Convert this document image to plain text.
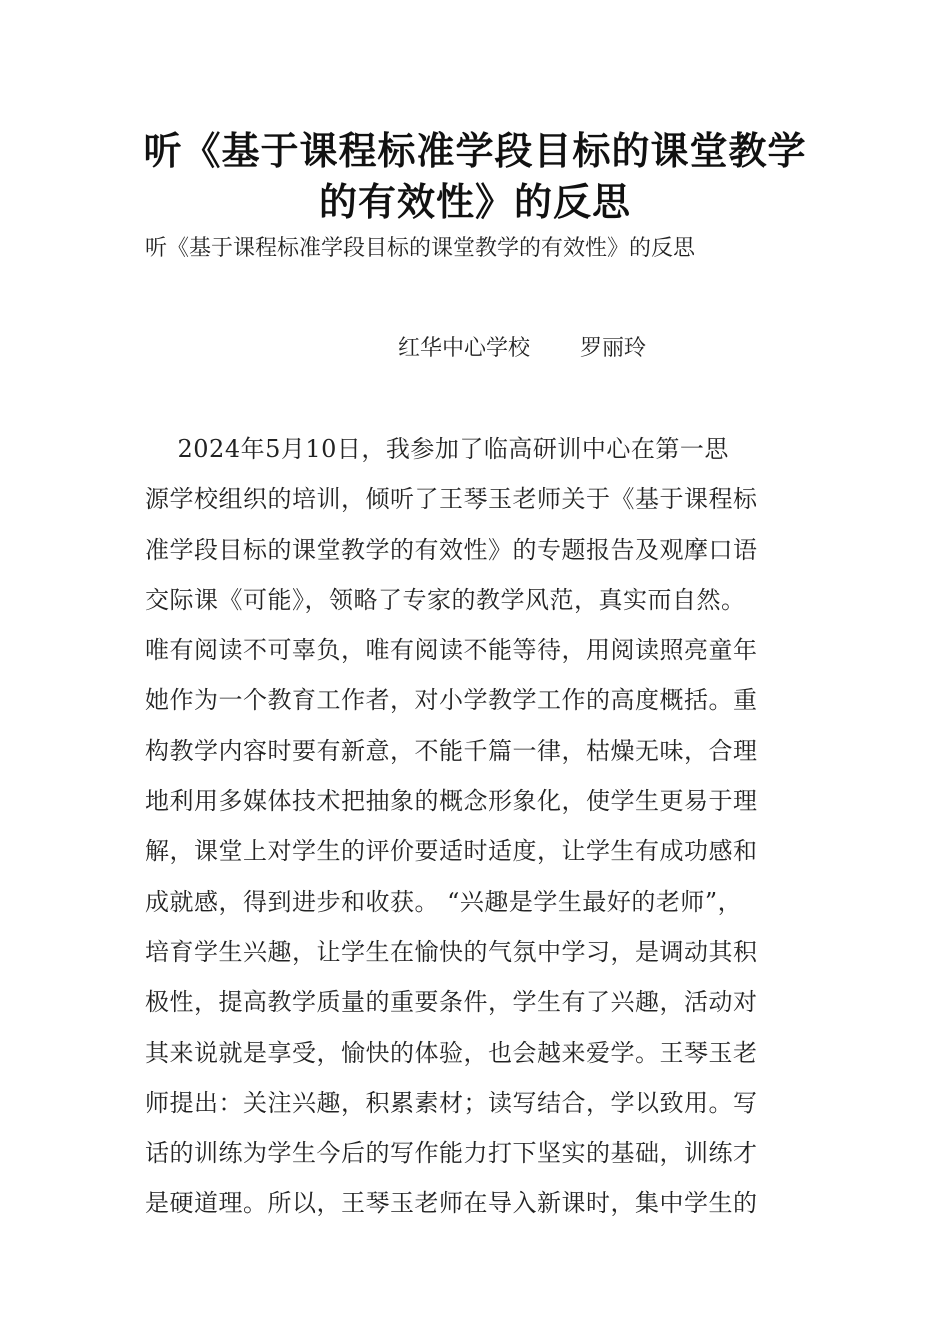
听《基于课程标准学段目标的课堂教学
的有效性》的反思

听《基于课程标准学段目标的课堂教学的有效性》的反思

红华中心学校 罗丽玲

2024年5月10日，我参加了临高研训中心在第一思
源学校组织的培训，倾听了王琴玉老师关于《基于课程标
准学段目标的课堂教学的有效性》的专题报告及观摩口语
交际课《可能》，领略了专家的教学风范，真实而自然。
唯有阅读不可辜负，唯有阅读不能等待，用阅读照亮童年
她作为一个教育工作者，对小学教学工作的高度概括。重
构教学内容时要有新意，不能千篇一律，枯燥无味，合理
地利用多媒体技术把抽象的概念形象化，使学生更易于理
解，课堂上对学生的评价要适时适度，让学生有成功感和
成就感，得到进步和收获。 “兴趣是学生最好的老师”，
培育学生兴趣，让学生在愉快的气氛中学习，是调动其积
极性，提高教学质量的重要条件，学生有了兴趣，活动对
其来说就是享受，愉快的体验，也会越来爱学。王琴玉老
师提出：关注兴趣，积累素材；读写结合，学以致用。写
话的训练为学生今后的写作能力打下坚实的基础，训练才
是硬道理。所以，王琴玉老师在导入新课时，集中学生的
